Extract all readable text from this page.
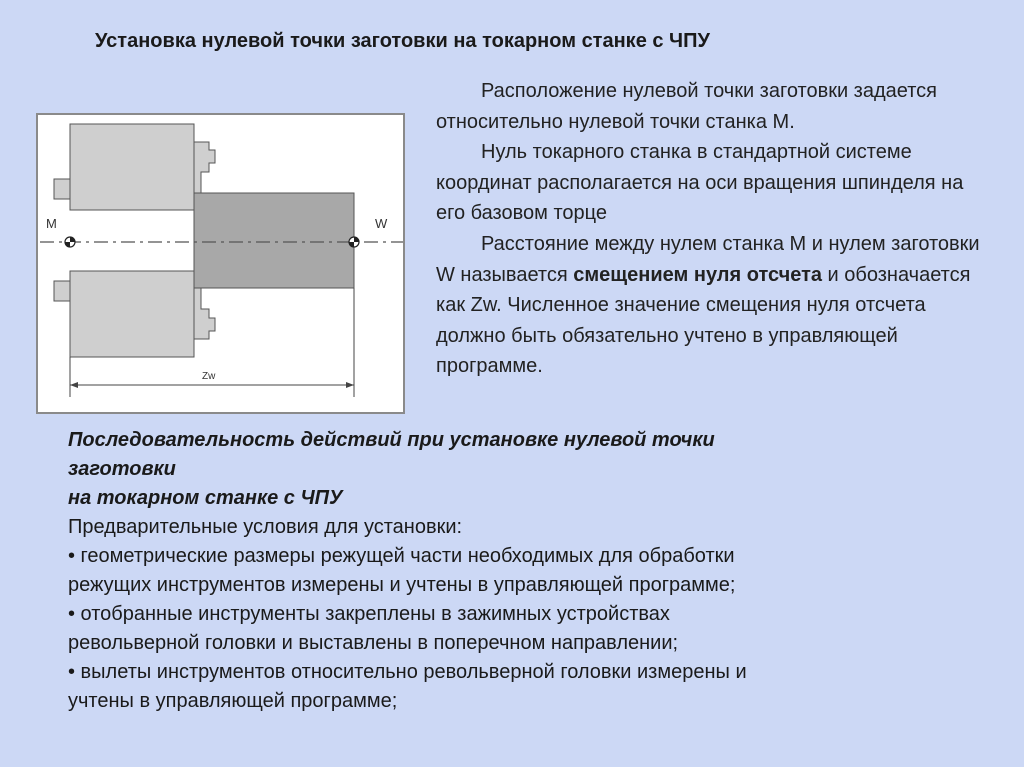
Установка нулевой точки заготовки на токарном станке с ЧПУ
M	W
Zw

Расположение нулевой точки заготовки задается относительно нулевой точки станка М.

Нуль токарного станка в стандартной системе координат располагается на оси вращения шпинделя на его базовом торце

Расстояние между нулем станка М и нулем заготовки W называется смещением нуля отсчета и обозначается как Zw. Численное значение смещения нуля отсчета должно быть обязательно учтено в управляющей программе.

Последовательность действий при установке нулевой точки
заготовки
на токарном станке с ЧПУ
Предварительные условия для установки:
• геометрические размеры режущей части необходимых для обработки
режущих инструментов измерены и учтены в управляющей программе;
• отобранные инструменты закреплены в зажимных устройствах
револьверной головки и выставлены в поперечном направлении;
• вылеты инструментов относительно револьверной головки измерены и
учтены в управляющей программе;
